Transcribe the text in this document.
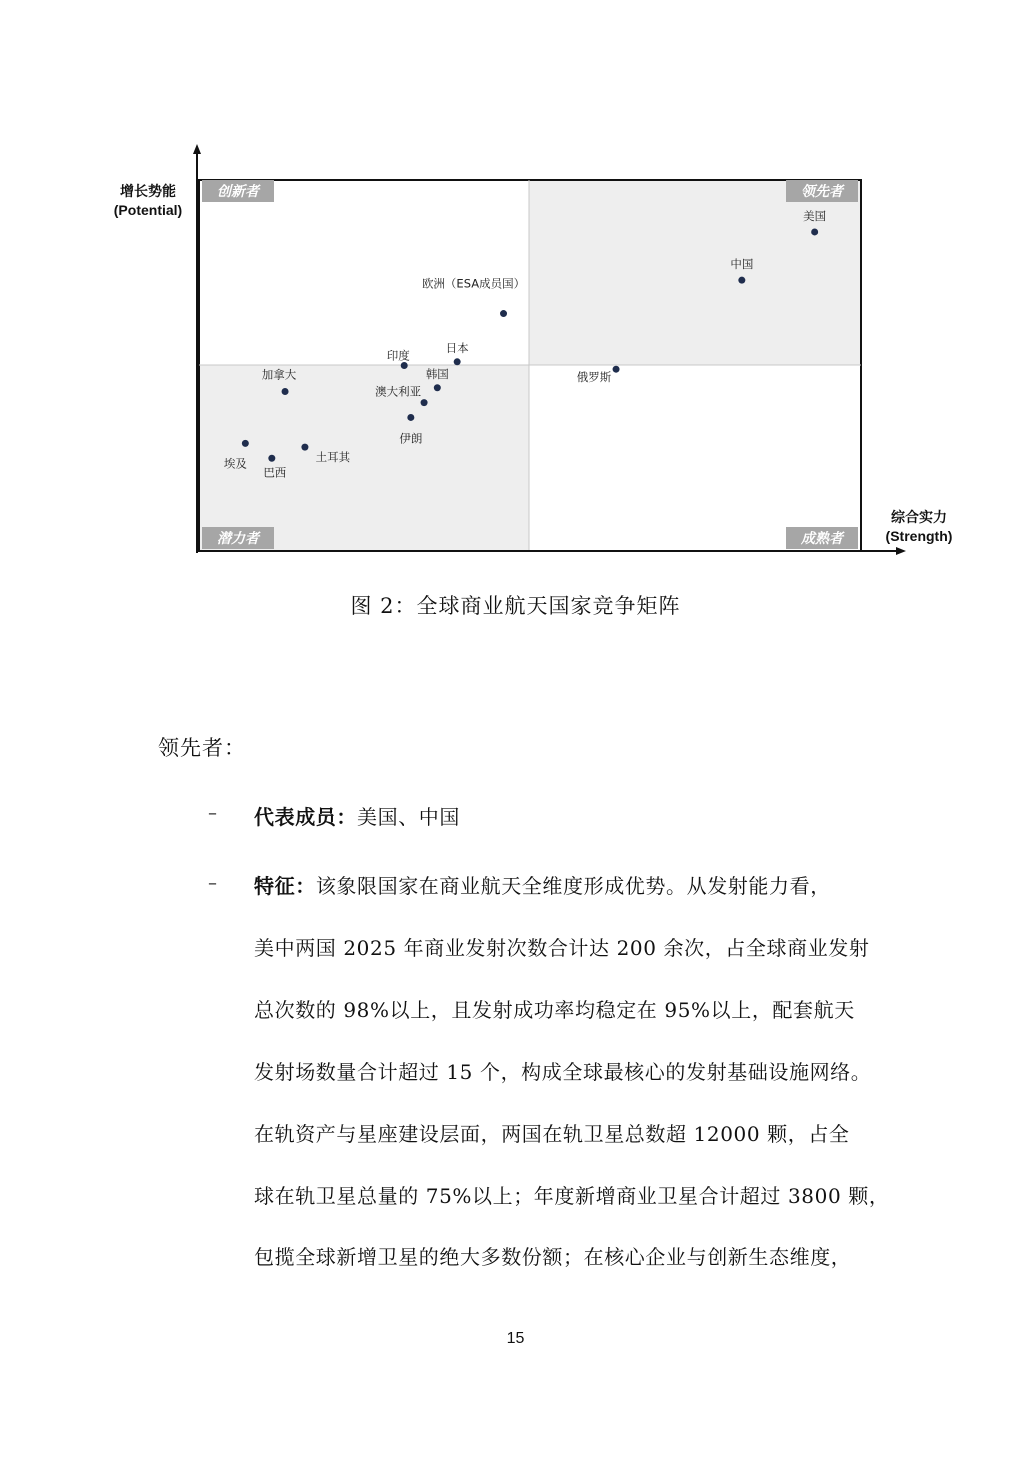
增长势能
(Potential)
综合实力
(Strength)
创新者	领先者
潜力者	成熟者
美国
中国
欧洲（ESA成员国）
日本
印度
俄罗斯
韩国
加拿大
澳大利亚
伊朗
埃及	土耳其
巴西
图 2：全球商业航天国家竞争矩阵
领先者：
– 代表成员：美国、中国
– 特征：该象限国家在商业航天全维度形成优势。从发射能力看，
美中两国 2025 年商业发射次数合计达 200 余次，占全球商业发射
总次数的 98%以上，且发射成功率均稳定在 95%以上，配套航天
发射场数量合计超过 15 个，构成全球最核心的发射基础设施网络。
在轨资产与星座建设层面，两国在轨卫星总数超 12000 颗，占全
球在轨卫星总量的 75%以上；年度新增商业卫星合计超过 3800 颗，
包揽全球新增卫星的绝大多数份额；在核心企业与创新生态维度，
15
